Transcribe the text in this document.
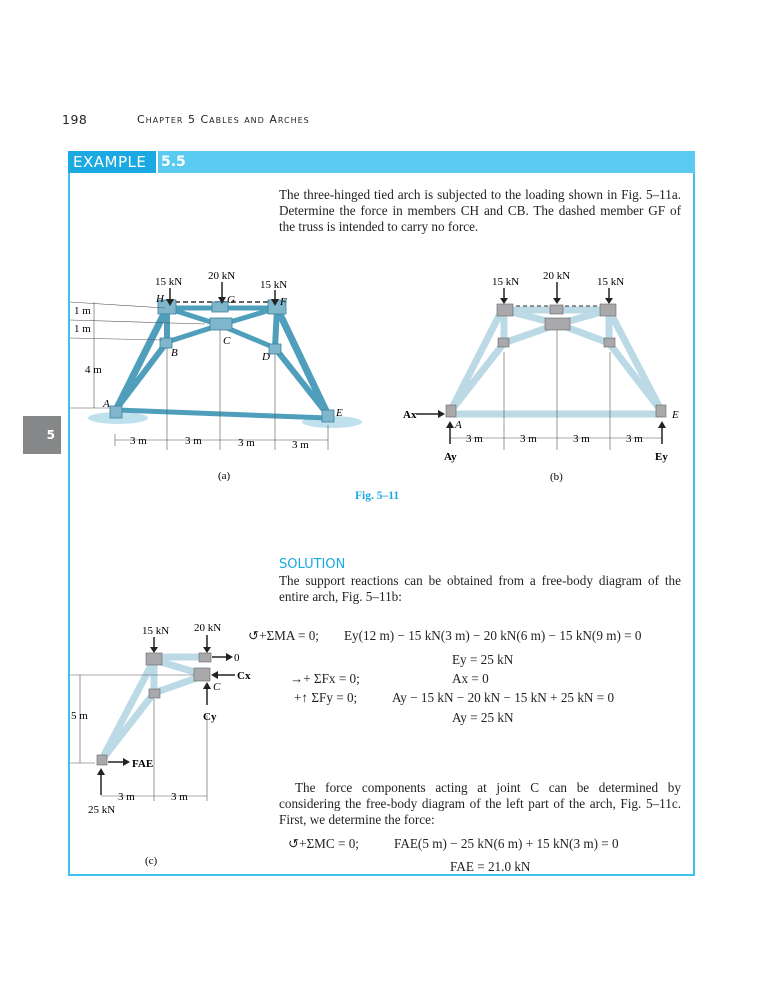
198	Chapter 5 Cables and Arches
EXAMPLE	5.5
The three-hinged tied arch is subjected to the loading shown in Fig. 5–11a. Determine the force in members CH and CB. The dashed member GF of the truss is intended to carry no force.
5
15 kN 20 kN
15 kN
H	G	F
C
B	D
A
E
1 m
1 m
4 m
3 m	3 m	3 m	3 m
(a)
15 kN 20 kN 15 kN
Ax
Ay	Ey
A
E
3 m	3 m	3 m	3 m
(b)
Fig. 5–11
SOLUTION
The support reactions can be obtained from a free-body diagram of the entire arch, Fig. 5–11b:
15 kN 20 kN
0
Cx
Cy
FAE
C
5 m
3 m	3 m
25 kN
(c)
↺+ΣMA = 0; Ey(12 m) − 15 kN(3 m) − 20 kN(6 m) − 15 kN(9 m) = 0
Ey = 25 kN
→+ ΣFx = 0;	Ax = 0
+↑ ΣFy = 0;	Ay − 15 kN − 20 kN − 15 kN + 25 kN = 0
Ay = 25 kN
The force components acting at joint C can be determined by considering the free-body diagram of the left part of the arch, Fig. 5–11c. First, we determine the force:
↺+ΣMC = 0;	FAE(5 m) − 25 kN(6 m) + 15 kN(3 m) = 0
FAE = 21.0 kN
